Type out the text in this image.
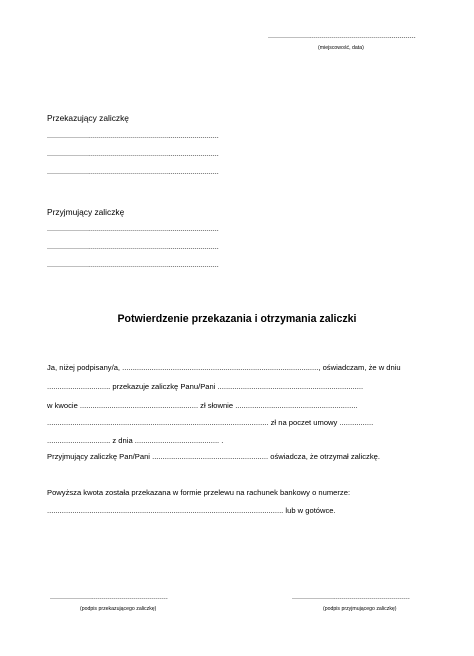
..........................................................................
(miejscowość, data)
Przekazujący zaliczkę
......................................................................................
......................................................................................
......................................................................................
Przyjmujący zaliczkę
......................................................................................
......................................................................................
......................................................................................
Potwierdzenie przekazania i otrzymania zaliczki
Ja, niżej podpisany/a, ............................................................................................., oświadczam, że w dniu
.............................. przekazuje zaliczkę Panu/Pani .....................................................................
w kwocie ........................................................ zł słownie ..........................................................
......................................................................................................... zł na poczet umowy ................
.............................. z dnia ........................................ .
Przyjmujący zaliczkę Pan/Pani ....................................................... oświadcza, że otrzymał zaliczkę.
Powyższa kwota została przekazana w formie przelewu na rachunek bankowy o numerze:
................................................................................................................ lub w gotówce.
...........................................................
(podpis przekazującego zaliczkę)
...........................................................
(podpis przyjmującego zaliczkę)
